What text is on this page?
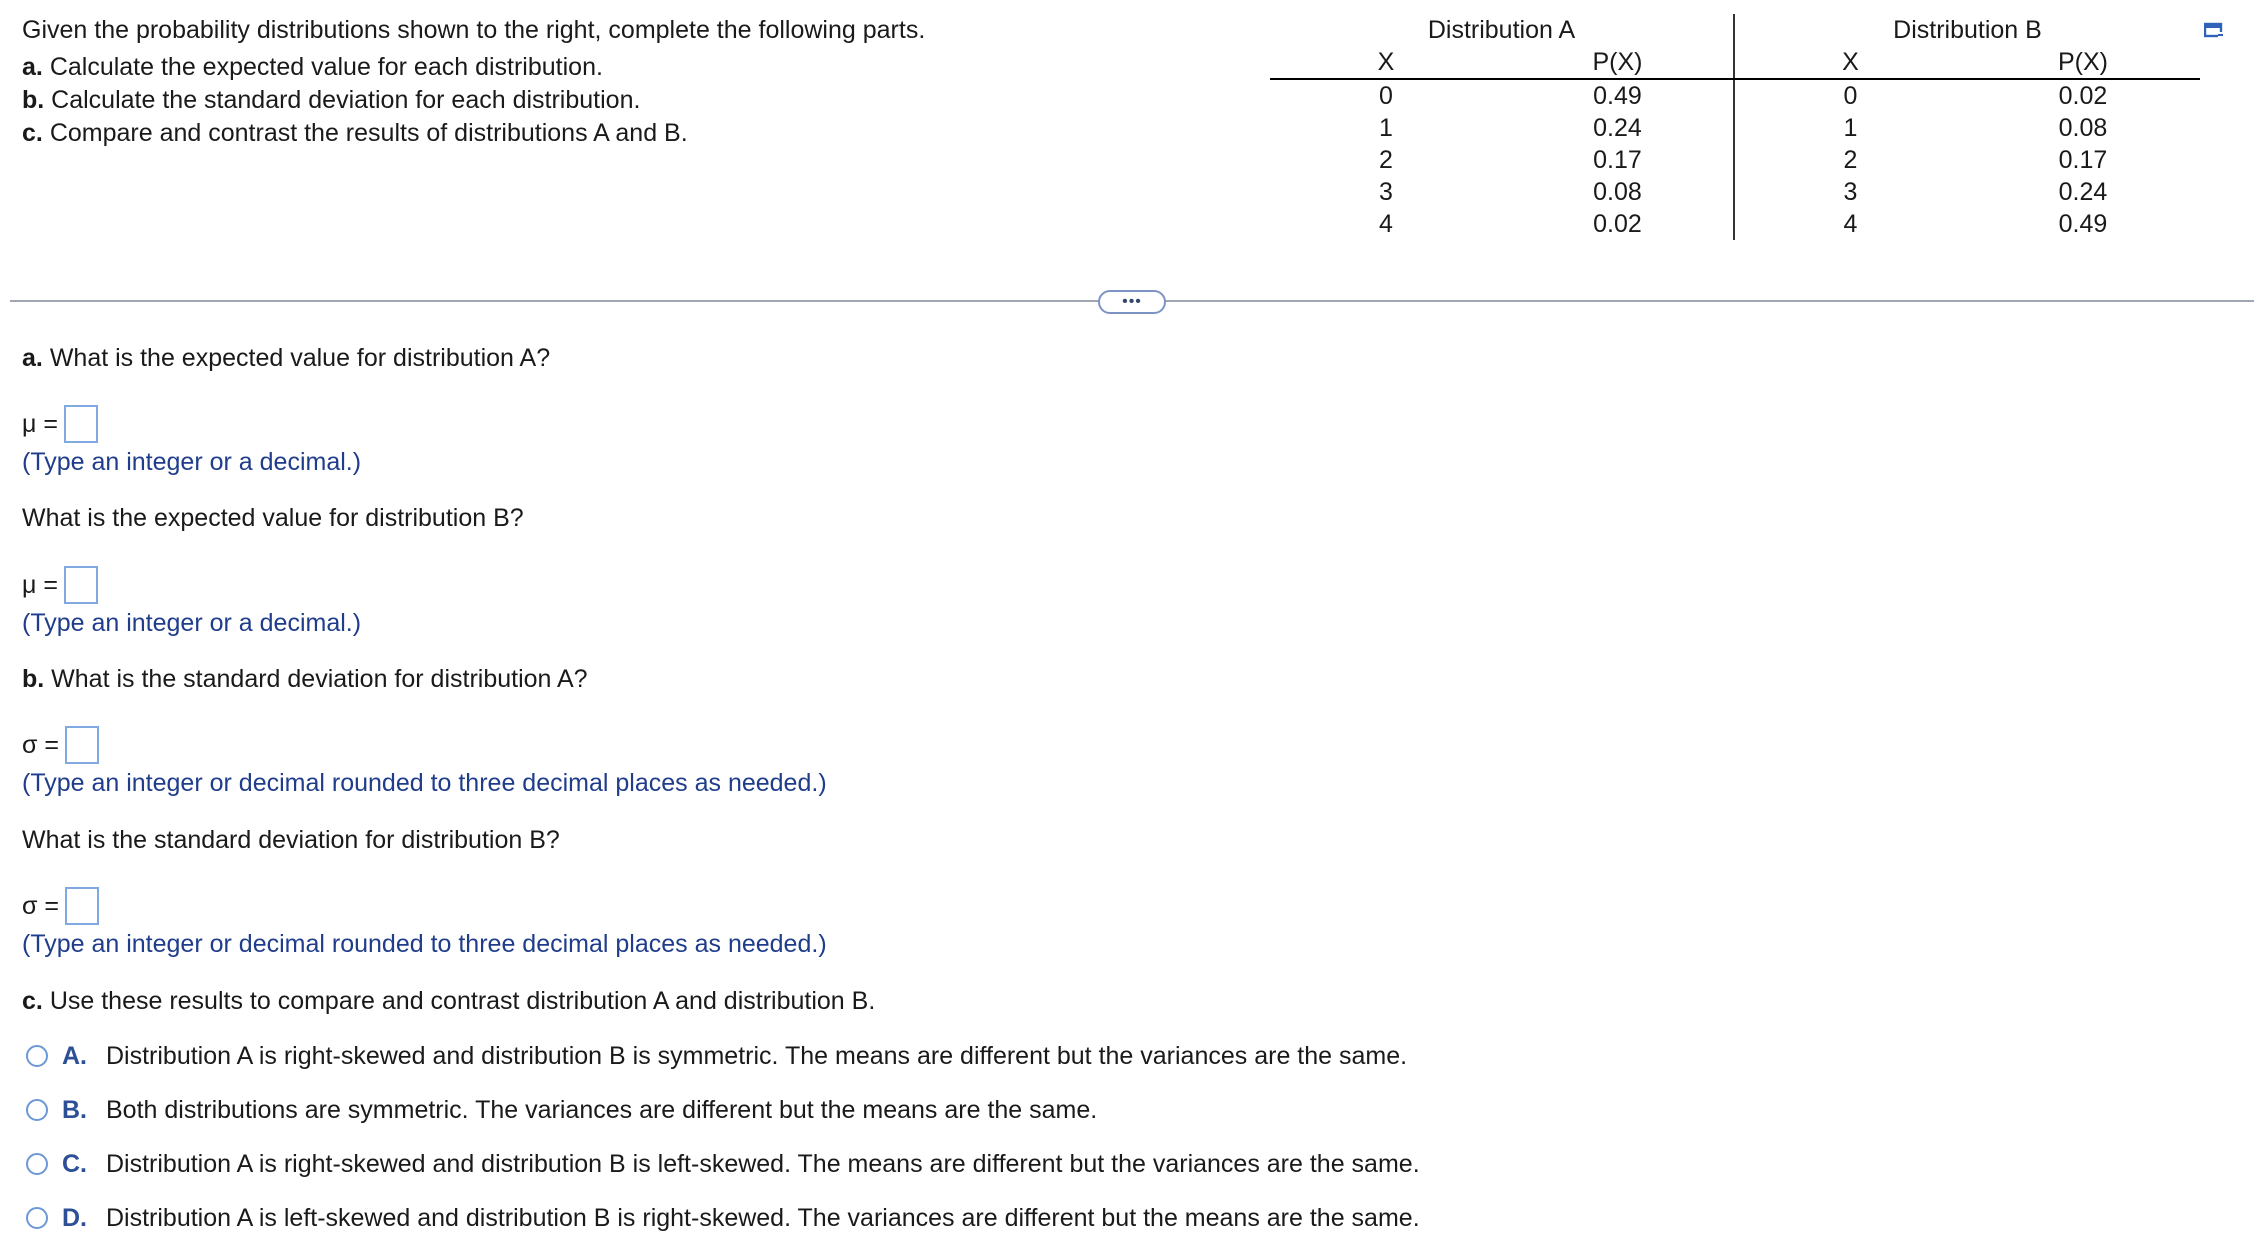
Given the probability distributions shown to the right, complete the following parts.
a. Calculate the expected value for each distribution.
b. Calculate the standard deviation for each distribution.
c. Compare and contrast the results of distributions A and B.
Distribution A		Distribution B	
X	P(X)	X	P(X)
0	0.49	0	0.02
1	0.24	1	0.08
2	0.17	2	0.17
3	0.08	3	0.24
4	0.02	4	0.49
•••
a. What is the expected value for distribution A?
μ =
(Type an integer or a decimal.)
What is the expected value for distribution B?
μ =
(Type an integer or a decimal.)
b. What is the standard deviation for distribution A?
σ =
(Type an integer or decimal rounded to three decimal places as needed.)
What is the standard deviation for distribution B?
σ =
(Type an integer or decimal rounded to three decimal places as needed.)
c. Use these results to compare and contrast distribution A and distribution B.
A. Distribution A is right-skewed and distribution B is symmetric. The means are different but the variances are the same.
B. Both distributions are symmetric. The variances are different but the means are the same.
C. Distribution A is right-skewed and distribution B is left-skewed. The means are different but the variances are the same.
D. Distribution A is left-skewed and distribution B is right-skewed. The variances are different but the means are the same.
